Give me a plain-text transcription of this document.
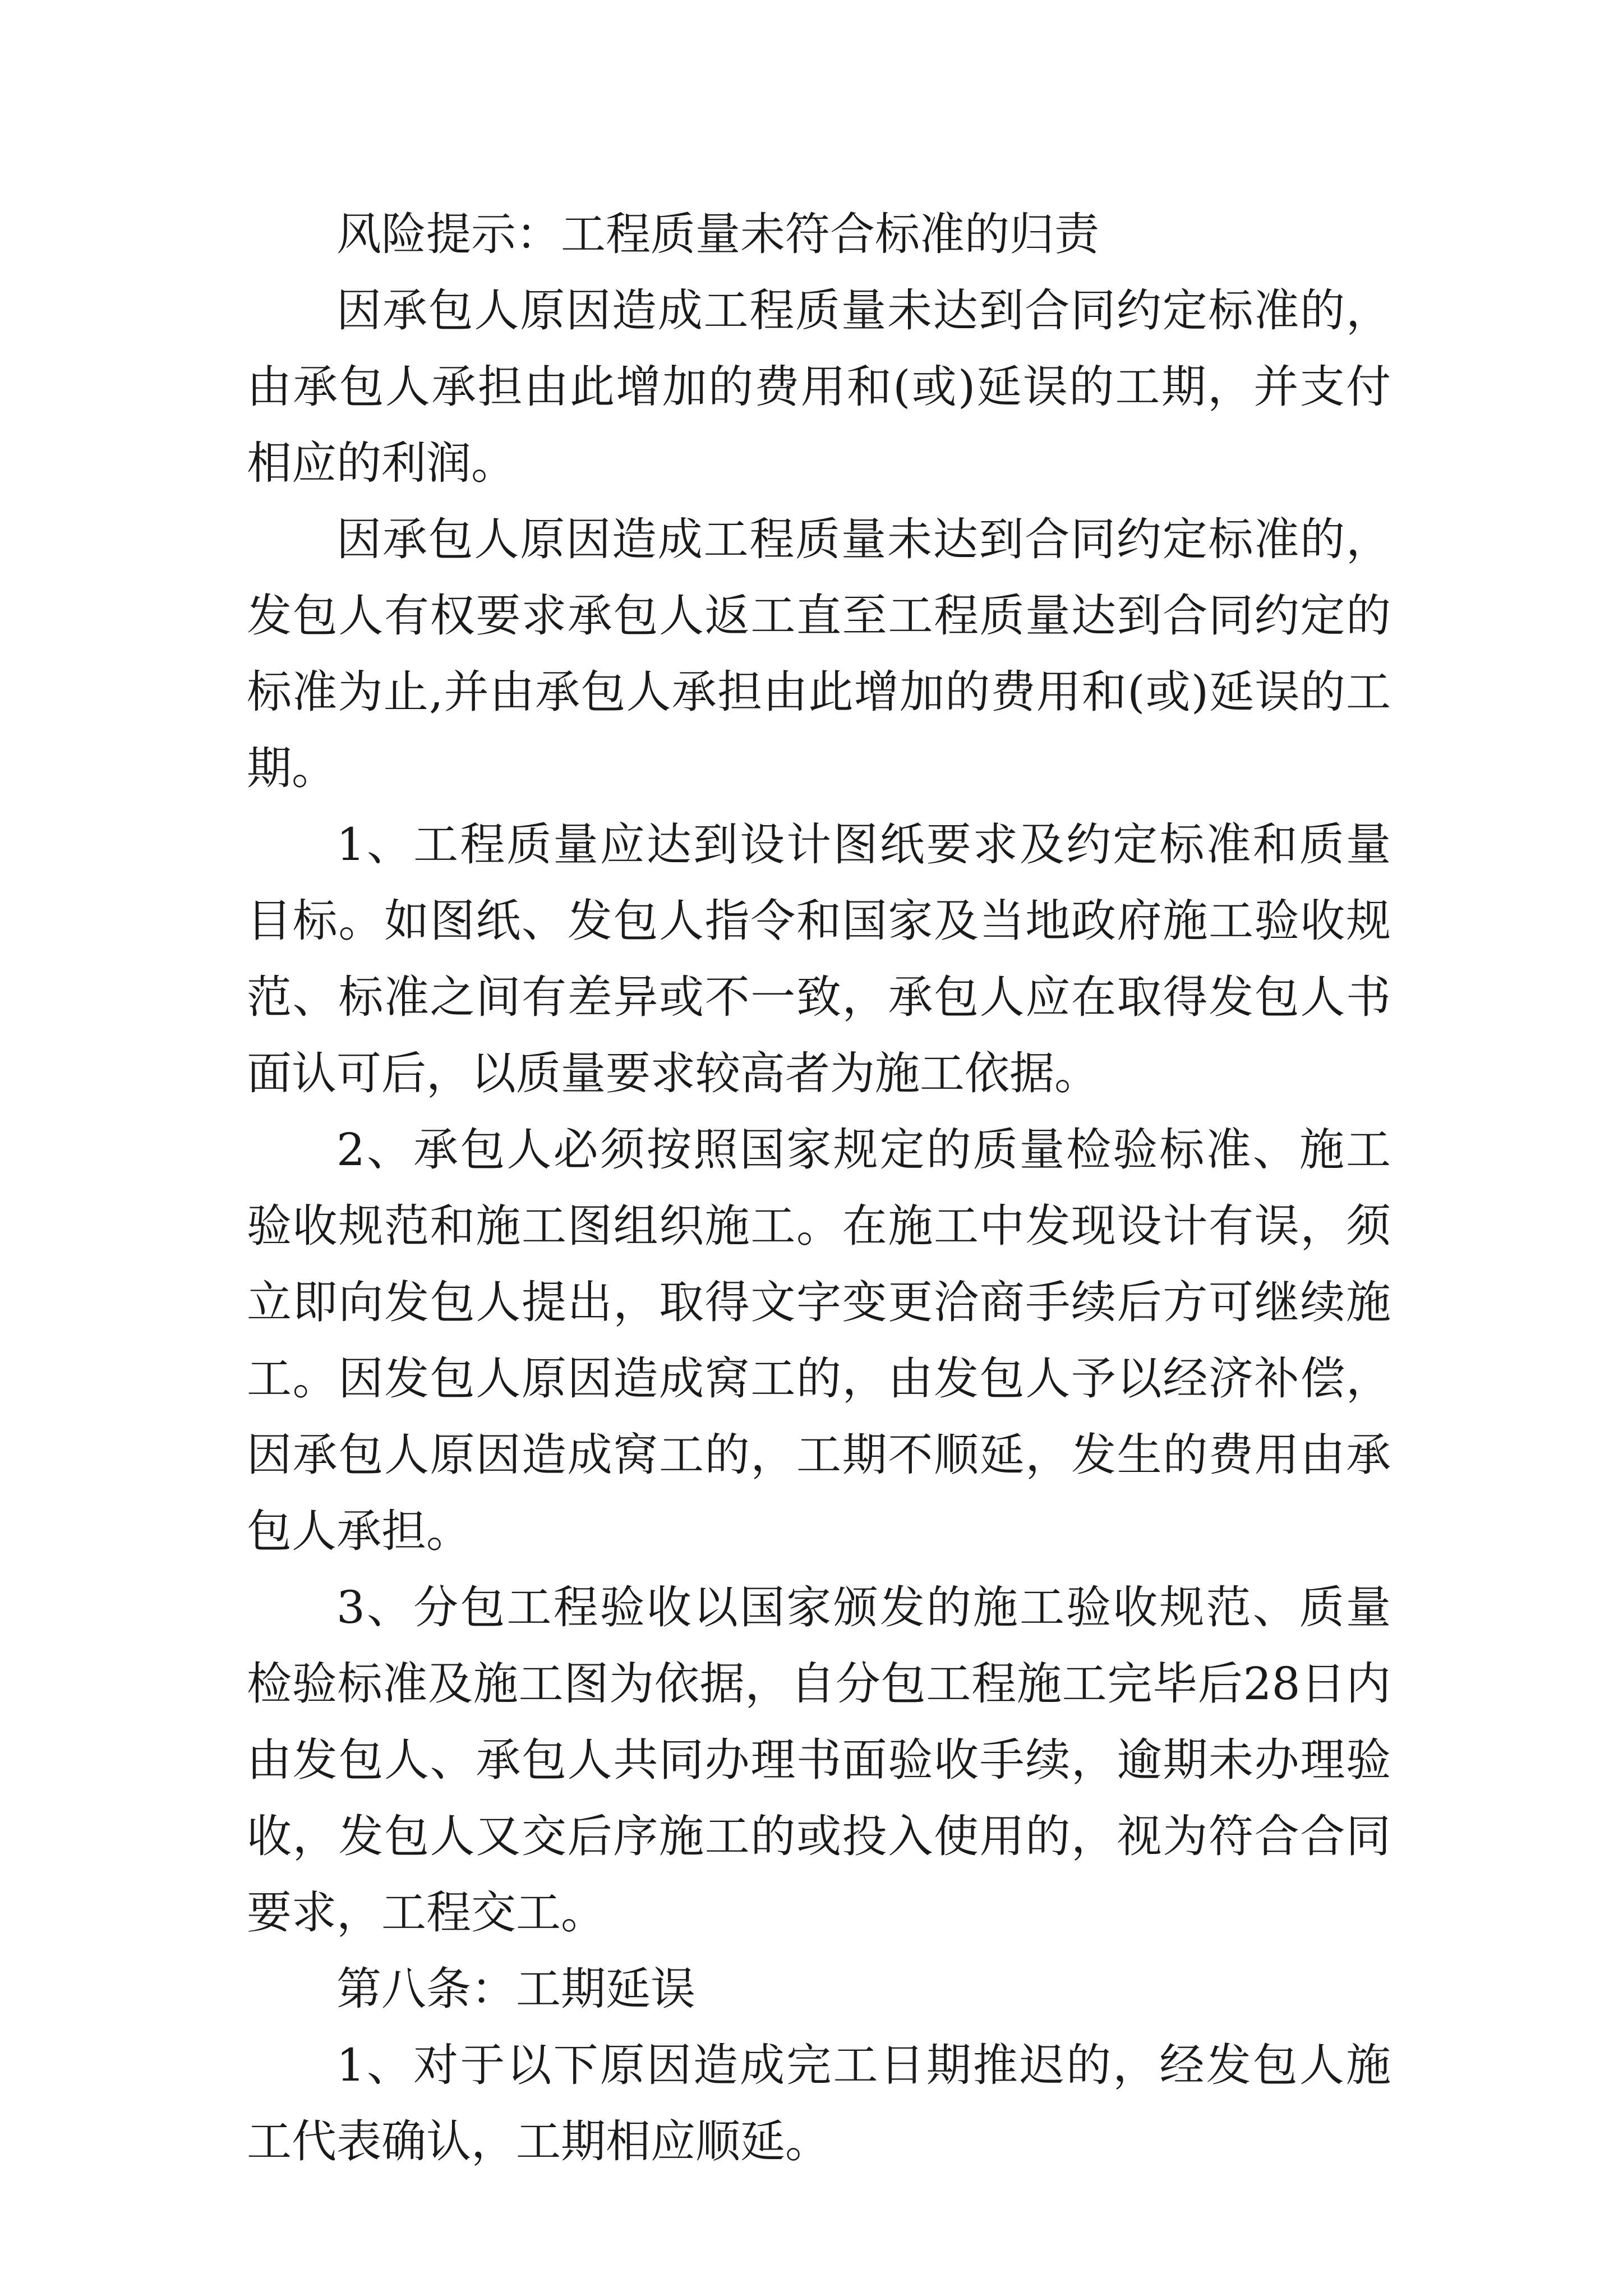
风险提示：工程质量未符合标准的归责

因承包人原因造成工程质量未达到合同约定标准的，由承包人承担由此增加的费用和(或)延误的工期，并支付相应的利润。

因承包人原因造成工程质量未达到合同约定标准的，发包人有权要求承包人返工直至工程质量达到合同约定的标准为止,并由承包人承担由此增加的费用和(或)延误的工期。

1、工程质量应达到设计图纸要求及约定标准和质量目标。如图纸、发包人指令和国家及当地政府施工验收规范、标准之间有差异或不一致，承包人应在取得发包人书面认可后，以质量要求较高者为施工依据。

2、承包人必须按照国家规定的质量检验标准、施工验收规范和施工图组织施工。在施工中发现设计有误，须立即向发包人提出，取得文字变更洽商手续后方可继续施工。因发包人原因造成窝工的，由发包人予以经济补偿，因承包人原因造成窝工的，工期不顺延，发生的费用由承包人承担。

3、分包工程验收以国家颁发的施工验收规范、质量检验标准及施工图为依据，自分包工程施工完毕后28日内由发包人、承包人共同办理书面验收手续，逾期未办理验收，发包人又交后序施工的或投入使用的，视为符合合同要求，工程交工。

第八条：工期延误

1、对于以下原因造成完工日期推迟的，经发包人施工代表确认，工期相应顺延。
